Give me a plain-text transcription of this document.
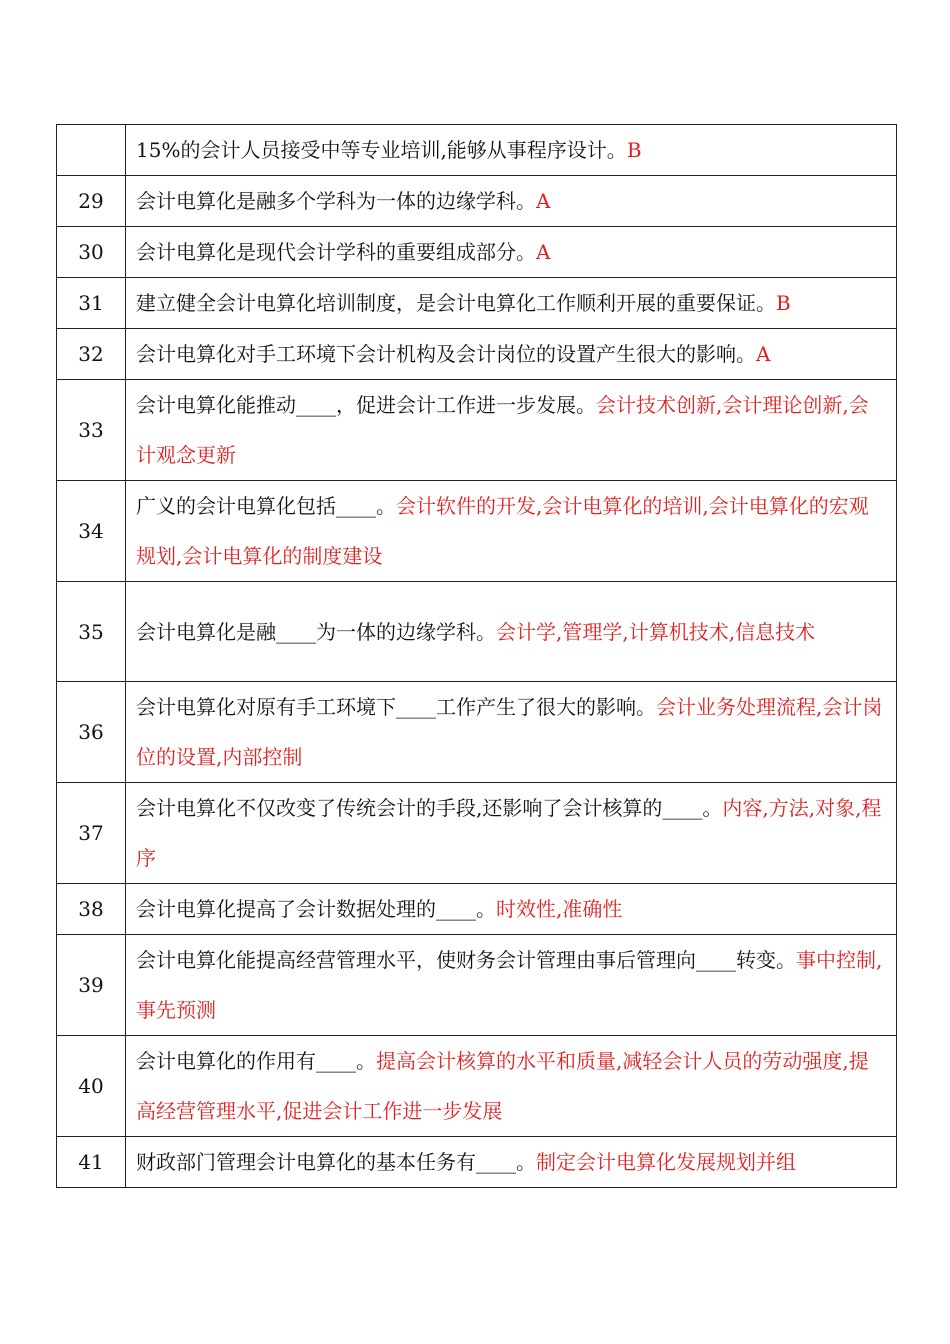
	15%的会计人员接受中等专业培训,能够从事程序设计。B
29	会计电算化是融多个学科为一体的边缘学科。A
30	会计电算化是现代会计学科的重要组成部分。A
31	建立健全会计电算化培训制度，是会计电算化工作顺利开展的重要保证。B
32	会计电算化对手工环境下会计机构及会计岗位的设置产生很大的影响。A
33	会计电算化能推动____，促进会计工作进一步发展。会计技术创新,会计理论创新,会计观念更新
34	广义的会计电算化包括____。会计软件的开发,会计电算化的培训,会计电算化的宏观规划,会计电算化的制度建设
35	会计电算化是融____为一体的边缘学科。会计学,管理学,计算机技术,信息技术
36	会计电算化对原有手工环境下____工作产生了很大的影响。会计业务处理流程,会计岗位的设置,内部控制
37	会计电算化不仅改变了传统会计的手段,还影响了会计核算的____。内容,方法,对象,程序
38	会计电算化提高了会计数据处理的____。时效性,准确性
39	会计电算化能提高经营管理水平，使财务会计管理由事后管理向____转变。事中控制,事先预测
40	会计电算化的作用有____。提高会计核算的水平和质量,减轻会计人员的劳动强度,提高经营管理水平,促进会计工作进一步发展
41	财政部门管理会计电算化的基本任务有____。制定会计电算化发展规划并组
